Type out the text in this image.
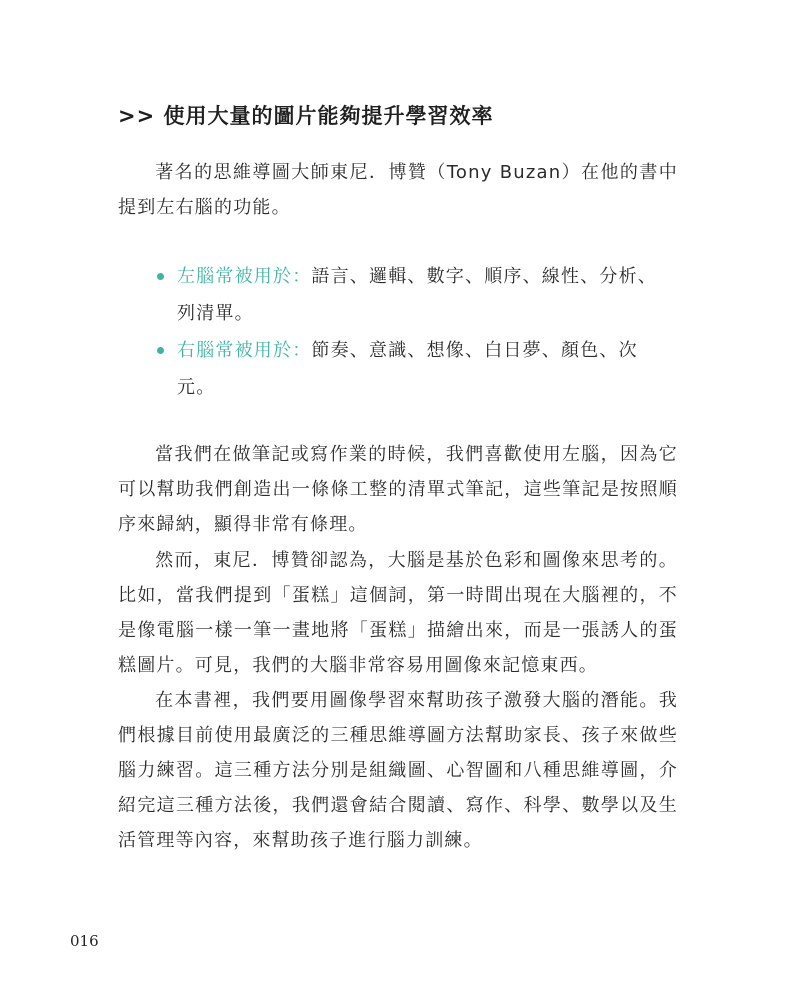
>> 使用大量的圖片能夠提升學習效率

著名的思維導圖大師東尼．博贊（Tony Buzan）在他的書中提到左右腦的功能。

左腦常被用於：語言、邏輯、數字、順序、線性、分析、列清單。
右腦常被用於：節奏、意識、想像、白日夢、顏色、次元。

當我們在做筆記或寫作業的時候，我們喜歡使用左腦，因為它可以幫助我們創造出一條條工整的清單式筆記，這些筆記是按照順序來歸納，顯得非常有條理。

然而，東尼．博贊卻認為，大腦是基於色彩和圖像來思考的。比如，當我們提到「蛋糕」這個詞，第一時間出現在大腦裡的，不是像電腦一樣一筆一畫地將「蛋糕」描繪出來，而是一張誘人的蛋糕圖片。可見，我們的大腦非常容易用圖像來記憶東西。

在本書裡，我們要用圖像學習來幫助孩子激發大腦的潛能。我們根據目前使用最廣泛的三種思維導圖方法幫助家長、孩子來做些腦力練習。這三種方法分別是組織圖、心智圖和八種思維導圖，介紹完這三種方法後，我們還會結合閱讀、寫作、科學、數學以及生活管理等內容，來幫助孩子進行腦力訓練。

016
